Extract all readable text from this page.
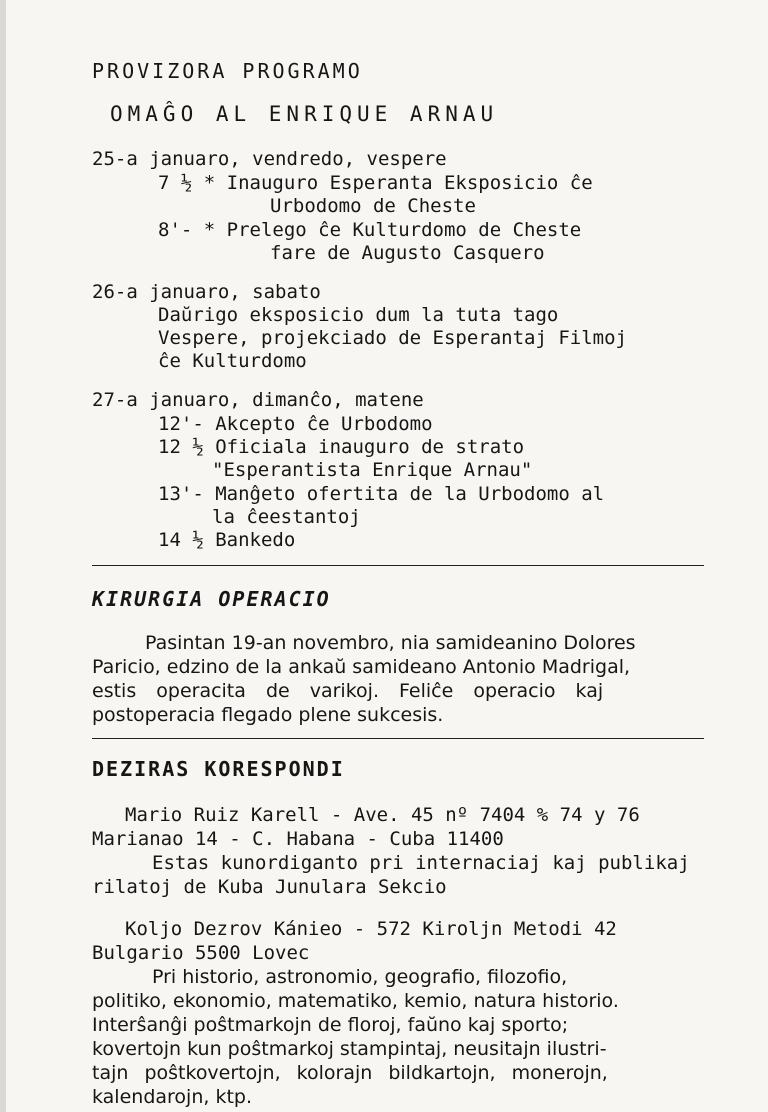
PROVIZORA PROGRAMO
OMAĜO AL ENRIQUE ARNAU
25-a januaro, vendredo, vespere
7 ½ * Inauguro Esperanta Eksposicio ĉe
Urbodomo de Cheste
8'- * Prelego ĉe Kulturdomo de Cheste
fare de Augusto Casquero
26-a januaro, sabato
Daŭrigo eksposicio dum la tuta tago
Vespere, projekciado de Esperantaj Filmoj
ĉe Kulturdomo
27-a januaro, dimanĉo, matene
12'- Akcepto ĉe Urbodomo
12 ½ Oficiala inauguro de strato
"Esperantista Enrique Arnau"
13'- Manĝeto ofertita de la Urbodomo al
la ĉeestantoj
14 ½ Bankedo
KIRURGIA OPERACIO
Pasintan 19-an novembro, nia samideanino Dolores
Paricio, edzino de la ankaŭ samideano Antonio Madrigal,
estis operacita de varikoj. Feliĉe operacio kaj
postoperacia flegado plene sukcesis.
DEZIRAS KORESPONDI
Mario Ruiz Karell - Ave. 45 nº 7404 % 74 y 76
Marianao 14 - C. Habana - Cuba 11400
Estas kunordiganto pri internaciaj kaj publikaj
rilatoj de Kuba Junulara Sekcio
Koljo Dezrov Kánieo - 572 Kiroljn Metodi 42
Bulgario 5500 Lovec
Pri historio, astronomio, geografio, filozofio,
politiko, ekonomio, matematiko, kemio, natura historio.
Interŝanĝi poŝtmarkojn de floroj, faŭno kaj sporto;
kovertojn kun poŝtmarkoj stampintaj, neusitajn ilustri-
tajn poŝtkovertojn, kolorajn bildkartojn, monerojn,
kalendarojn, ktp.
